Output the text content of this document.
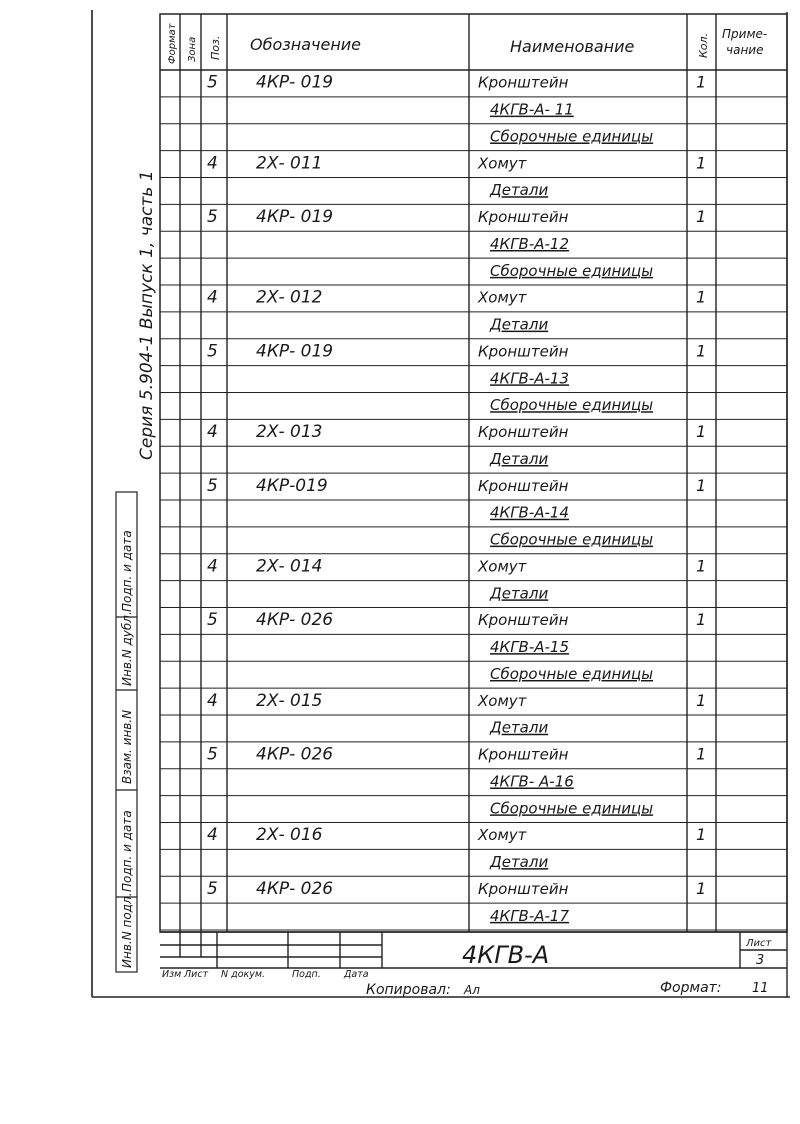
Подп. и дата
Инв.N дубл.
Взам. инв.N
Подп. и дата
Инв.N подл.
Серия 5.904-1 Выпуск 1, часть 1
Формат Зона Поз. Обозначение	Наименование	Кол. Приме-
чание
5 4КР- 019	Кронштейн	1
4КГВ-А- 11
Сборочные единицы
4 2Х- 011	Хомут	1
Детали
5 4КР- 019	Кронштейн	1
4КГВ-А-12
Сборочные единицы
4 2Х- 012	Хомут	1
Детали
5 4КР- 019	Кронштейн	1
4КГВ-А-13
Сборочные единицы
4 2Х- 013	Кронштейн	1
Детали
5 4КР-019	Кронштейн	1
4КГВ-А-14
Сборочные единицы
4 2Х- 014	Хомут	1
Детали
5 4КР- 026	Кронштейн	1
4КГВ-А-15
Сборочные единицы
4 2Х- 015	Хомут	1
Детали
5 4КР- 026	Кронштейн	1
4КГВ- А-16
Сборочные единицы
4 2Х- 016	Хомут	1
Детали
5 4КР- 026	Кронштейн	1
4КГВ-А-17
4КГВ-А	Лист
3
Изм Лист N докум.	Подп. Дата
Копировал: Ал	Формат: 11
